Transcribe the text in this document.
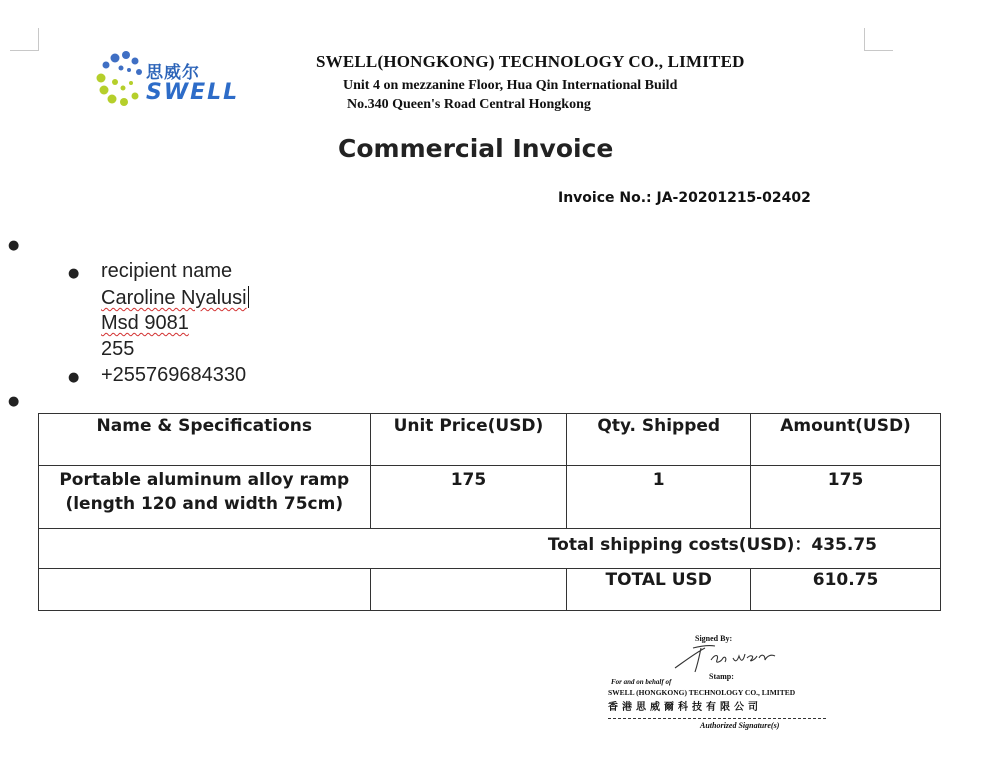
思威尔
SWELL
SWELL(HONGKONG) TECHNOLOGY CO., LIMITED
Unit 4 on mezzanine Floor, Hua Qin International Build
No.340 Queen's Road Central Hongkong
Commercial Invoice
Invoice No.: JA-20201215-02402
●
● recipient name
Caroline Nyalusi
Msd 9081
255
● +255769684330
●
Name & Specifications	Unit Price(USD)	Qty. Shipped	Amount(USD)

Portable aluminum alloy ramp
(length 120 and width 75cm)	175	1	175
Total shipping costs(USD)：435.75			
		TOTAL USD	610.75
Signed By:
Stamp:
For and on behalf of
SWELL (HONGKONG) TECHNOLOGY CO., LIMITED
香港思威爾科技有限公司
Authorized Signature(s)
